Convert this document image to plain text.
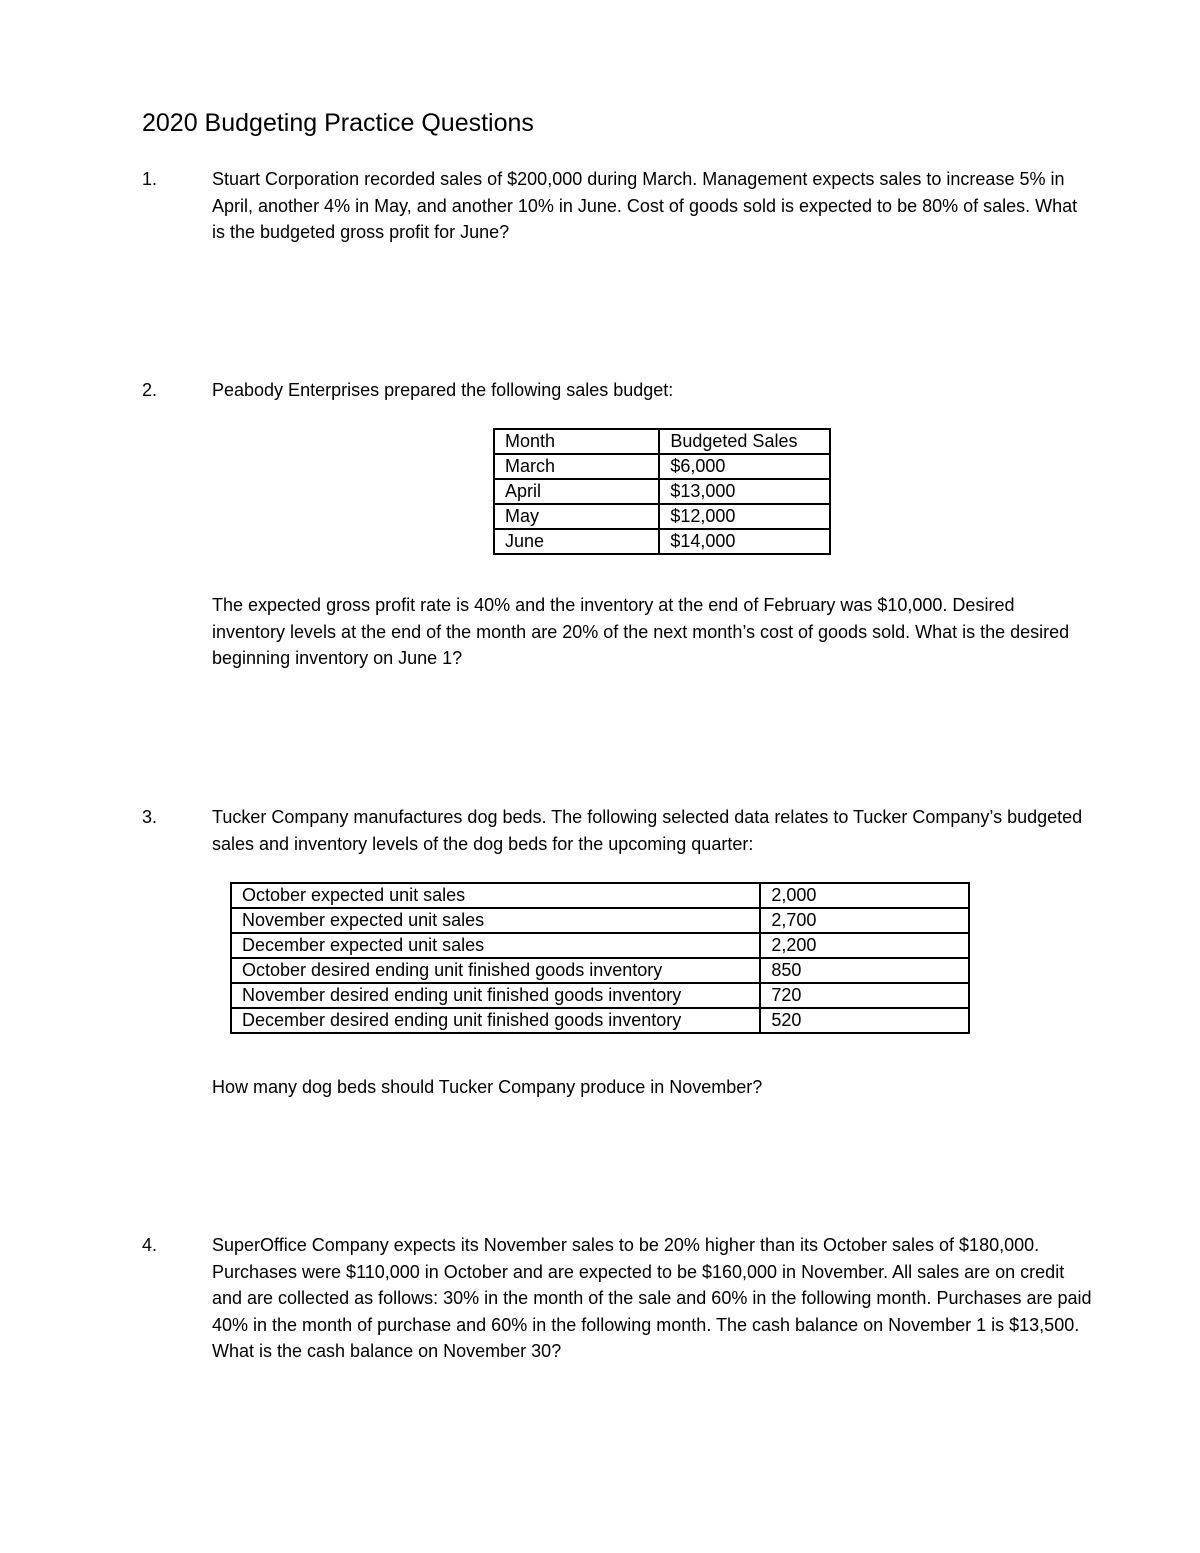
2020 Budgeting Practice Questions
1.	Stuart Corporation recorded sales of $200,000 during March. Management expects sales to increase 5% in April, another 4% in May, and another 10% in June. Cost of goods sold is expected to be 80% of sales. What is the budgeted gross profit for June?

2.	Peabody Enterprises prepared the following sales budget:
Month	Budgeted Sales
March	$6,000
April	$13,000
May	$12,000
June	$14,000
The expected gross profit rate is 40% and the inventory at the end of February was $10,000. Desired inventory levels at the end of the month are 20% of the next month’s cost of goods sold. What is the desired beginning inventory on June 1?
3.	Tucker Company manufactures dog beds. The following selected data relates to Tucker Company’s budgeted sales and inventory levels of the dog beds for the upcoming quarter:
October expected unit sales	2,000
November expected unit sales	2,700
December expected unit sales	2,200
October desired ending unit finished goods inventory	850
November desired ending unit finished goods inventory	720
December desired ending unit finished goods inventory	520
How many dog beds should Tucker Company produce in November?
4.	SuperOffice Company expects its November sales to be 20% higher than its October sales of $180,000. Purchases were $110,000 in October and are expected to be $160,000 in November. All sales are on credit and are collected as follows: 30% in the month of the sale and 60% in the following month. Purchases are paid 40% in the month of purchase and 60% in the following month. The cash balance on November 1 is $13,500. What is the cash balance on November 30?
